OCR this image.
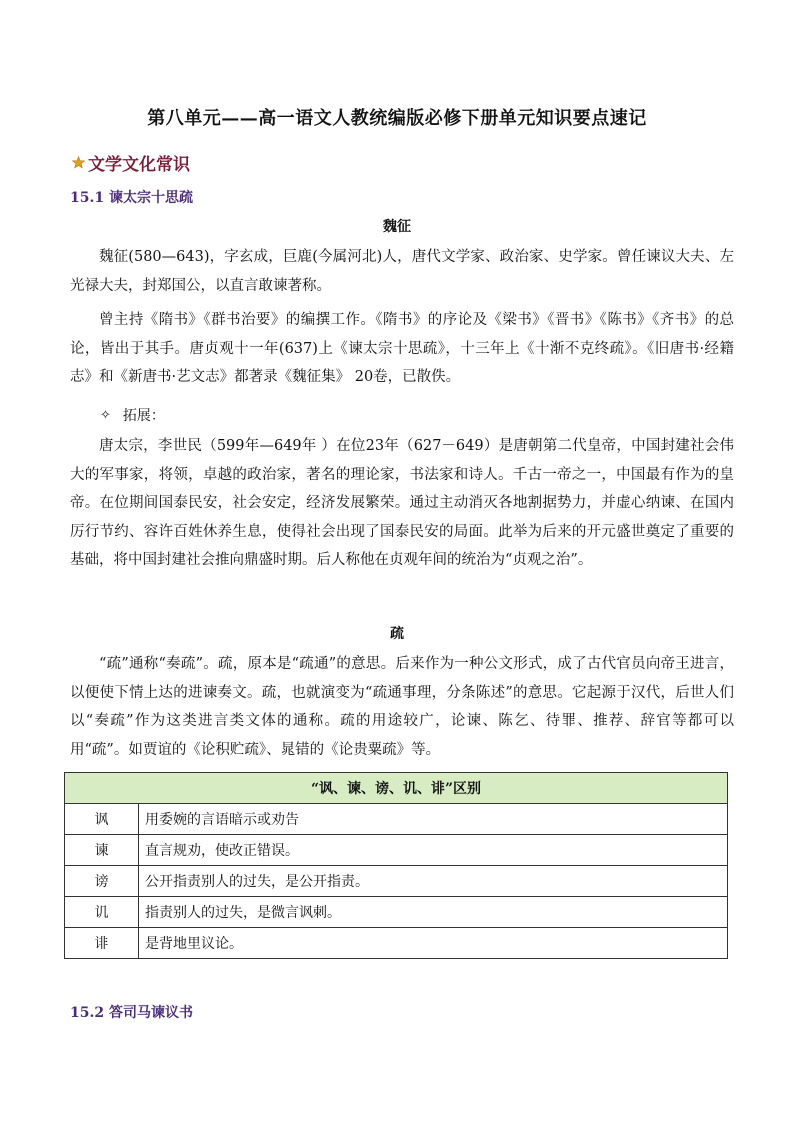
第八单元——高一语文人教统编版必修下册单元知识要点速记
文学文化常识
15.1 谏太宗十思疏
魏征

魏征(580—643)，字玄成，巨鹿(今属河北)人，唐代文学家、政治家、史学家。曾任谏议大夫、左光禄大夫，封郑国公，以直言敢谏著称。

曾主持《隋书》《群书治要》的编撰工作。《隋书》的序论及《梁书》《晋书》《陈书》《齐书》的总论，皆出于其手。唐贞观十一年(637)上《谏太宗十思疏》，十三年上《十渐不克终疏》。《旧唐书·经籍志》和《新唐书·艺文志》都著录《魏征集》 20卷，已散佚。

✧ 拓展：

唐太宗，李世民（599年—649年 ）在位23年（627－649）是唐朝第二代皇帝，中国封建社会伟大的军事家，将领，卓越的政治家，著名的理论家，书法家和诗人。千古一帝之一，中国最有作为的皇帝。在位期间国泰民安，社会安定，经济发展繁荣。通过主动消灭各地割据势力，并虚心纳谏、在国内厉行节约、容许百姓休养生息，使得社会出现了国泰民安的局面。此举为后来的开元盛世奠定了重要的基础，将中国封建社会推向鼎盛时期。后人称他在贞观年间的统治为“贞观之治”。

疏

“疏”通称“奏疏”。疏，原本是“疏通”的意思。后来作为一种公文形式，成了古代官员向帝王进言，以便使下情上达的进谏奏文。疏，也就演变为“疏通事理，分条陈述”的意思。它起源于汉代，后世人们以“奏疏”作为这类进言类文体的通称。疏的用途较广，论谏、陈乞、待罪、推荐、辞官等都可以用“疏”。如贾谊的《论积贮疏》、晁错的《论贵粟疏》等。

“讽、谏、谤、讥、诽”区别	
讽	用委婉的言语暗示或劝告
谏	直言规劝，使改正错误。
谤	公开指责别人的过失，是公开指责。
讥	指责别人的过失，是微言讽刺。
诽	是背地里议论。
15.2 答司马谏议书
